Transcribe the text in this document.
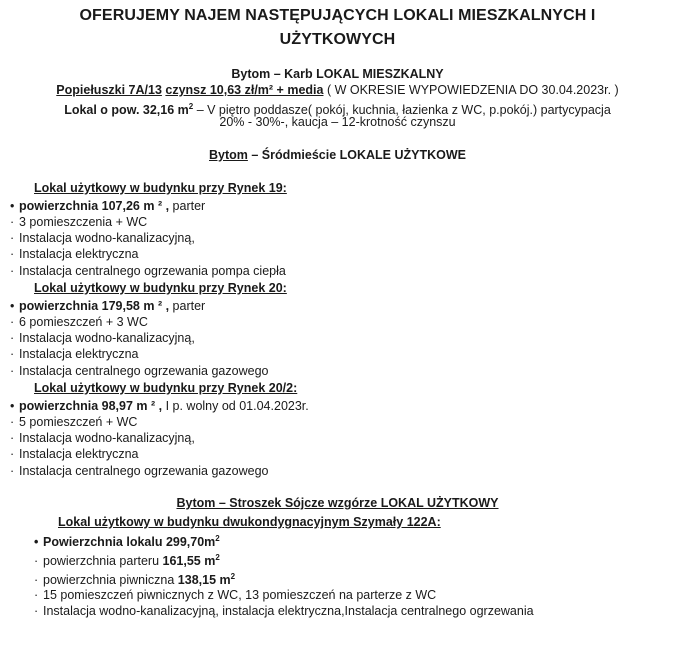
OFERUJEMY NAJEM NASTĘPUJĄCYCH LOKALI MIESZKALNYCH I
UŻYTKOWYCH
Bytom – Karb LOKAL MIESZKALNY
Popiełuszki 7A/13 czynsz 10,63 zł/m² + media ( W OKRESIE WYPOWIEDZENIA DO 30.04.2023r. )
Lokal o pow. 32,16 $m^2$ – V piętro poddasze( pokój, kuchnia, łazienka z WC, p.pokój.) partycypacja
20% - 30%-, kaucja – 12-krotność czynszu
Bytom – Śródmieście LOKALE UŻYTKOWE
Lokal użytkowy w budynku przy Rynek 19:
• powierzchnia 107,26 m ² , parter
· 3 pomieszczenia + WC
· Instalacja wodno-kanalizacyjną,
· Instalacja elektryczna
· Instalacja centralnego ogrzewania pompa ciepła
Lokal użytkowy w budynku przy Rynek 20:
• powierzchnia 179,58 m ² , parter
· 6 pomieszczeń + 3 WC
· Instalacja wodno-kanalizacyjną,
· Instalacja elektryczna
· Instalacja centralnego ogrzewania gazowego
Lokal użytkowy w budynku przy Rynek 20/2:
• powierzchnia 98,97 m ² , I p. wolny od 01.04.2023r.
· 5 pomieszczeń + WC
· Instalacja wodno-kanalizacyjną,
· Instalacja elektryczna
· Instalacja centralnego ogrzewania gazowego
Bytom – Stroszek Sójcze wzgórze LOKAL UŻYTKOWY
Lokal użytkowy w budynku dwukondygnacyjnym Szymały 122A:
• Powierzchnia lokalu $299,70m^2$
· powierzchnia parteru 161,55 $m^2$
· powierzchnia piwniczna 138,15 $m^2$
· 15 pomieszczeń piwnicznych z WC, 13 pomieszczeń na parterze z WC
· Instalacja wodno-kanalizacyjną, instalacja elektryczna,Instalacja centralnego ogrzewania
